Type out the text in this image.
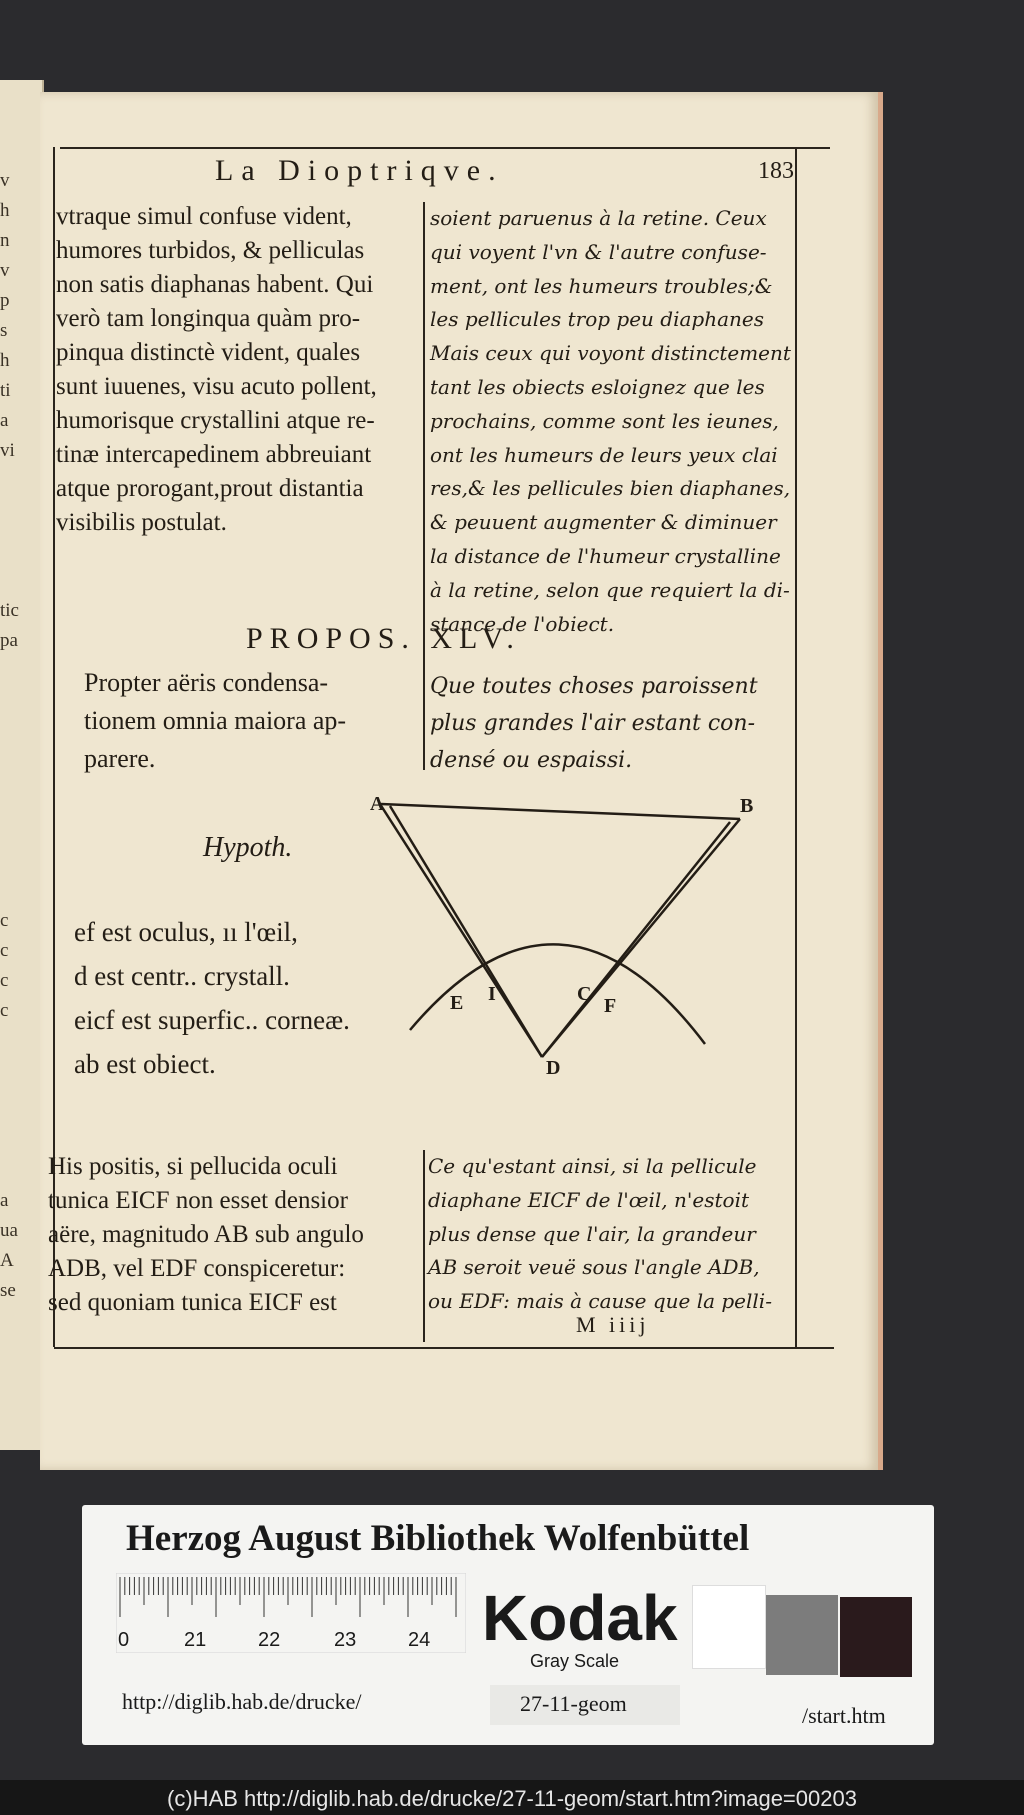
v
h
n
v
p
s
h
ti
a
vi
tic
pa
c
c
c
c
a
ua
A
se
La Dioptriqve.	183
vtraque simul confuse vident,
humores turbidos, & pelliculas
non satis diaphanas habent. Qui
verò tam longinqua quàm pro-
pinqua distinctè vident, quales
sunt iuuenes, visu acuto pollent,
humorisque crystallini atque re-
tinæ intercapedinem abbreuiant
atque prorogant,prout distantia
visibilis postulat.
soient paruenus à la retine. Ceux
qui voyent l'vn & l'autre confuse-
ment, ont les humeurs troubles;&
les pellicules trop peu diaphanes
Mais ceux qui voyont distinctement
tant les obiects esloignez que les
prochains, comme sont les ieunes,
ont les humeurs de leurs yeux clai
res,& les pellicules bien diaphanes,
& peuuent augmenter & diminuer
la distance de l'humeur crystalline
à la retine, selon que requiert la di-
stance de l'obiect.
PROPOS. XLV.
Propter aëris condensa-
tionem omnia maiora ap-
parere.
Que toutes choses paroissent
plus grandes l'air estant con-
densé ou espaissi.
Hypoth.
ef est oculus, ıı l'œil,
d est centr.. crystall.
eicf est superfic.. corneæ.
ab est obiect.
A	B
E I	C
F
D
His positis, si pellucida oculi
tunica EICF non esset densior
aëre, magnitudo AB sub angulo
ADB, vel EDF conspiceretur:
sed quoniam tunica EICF est
Ce qu'estant ainsi, si la pellicule
diaphane EICF de l'œil, n'estoit
plus dense que l'air, la grandeur
AB seroit veuë sous l'angle ADB,
ou EDF: mais à cause que la pelli-
M iiij
Herzog August Bibliothek Wolfenbüttel
0	21	22	23	24 Kodak
Gray Scale
http://diglib.hab.de/drucke/	27-11-geom	/start.htm
(c)HAB http://diglib.hab.de/drucke/27-11-geom/start.htm?image=00203
